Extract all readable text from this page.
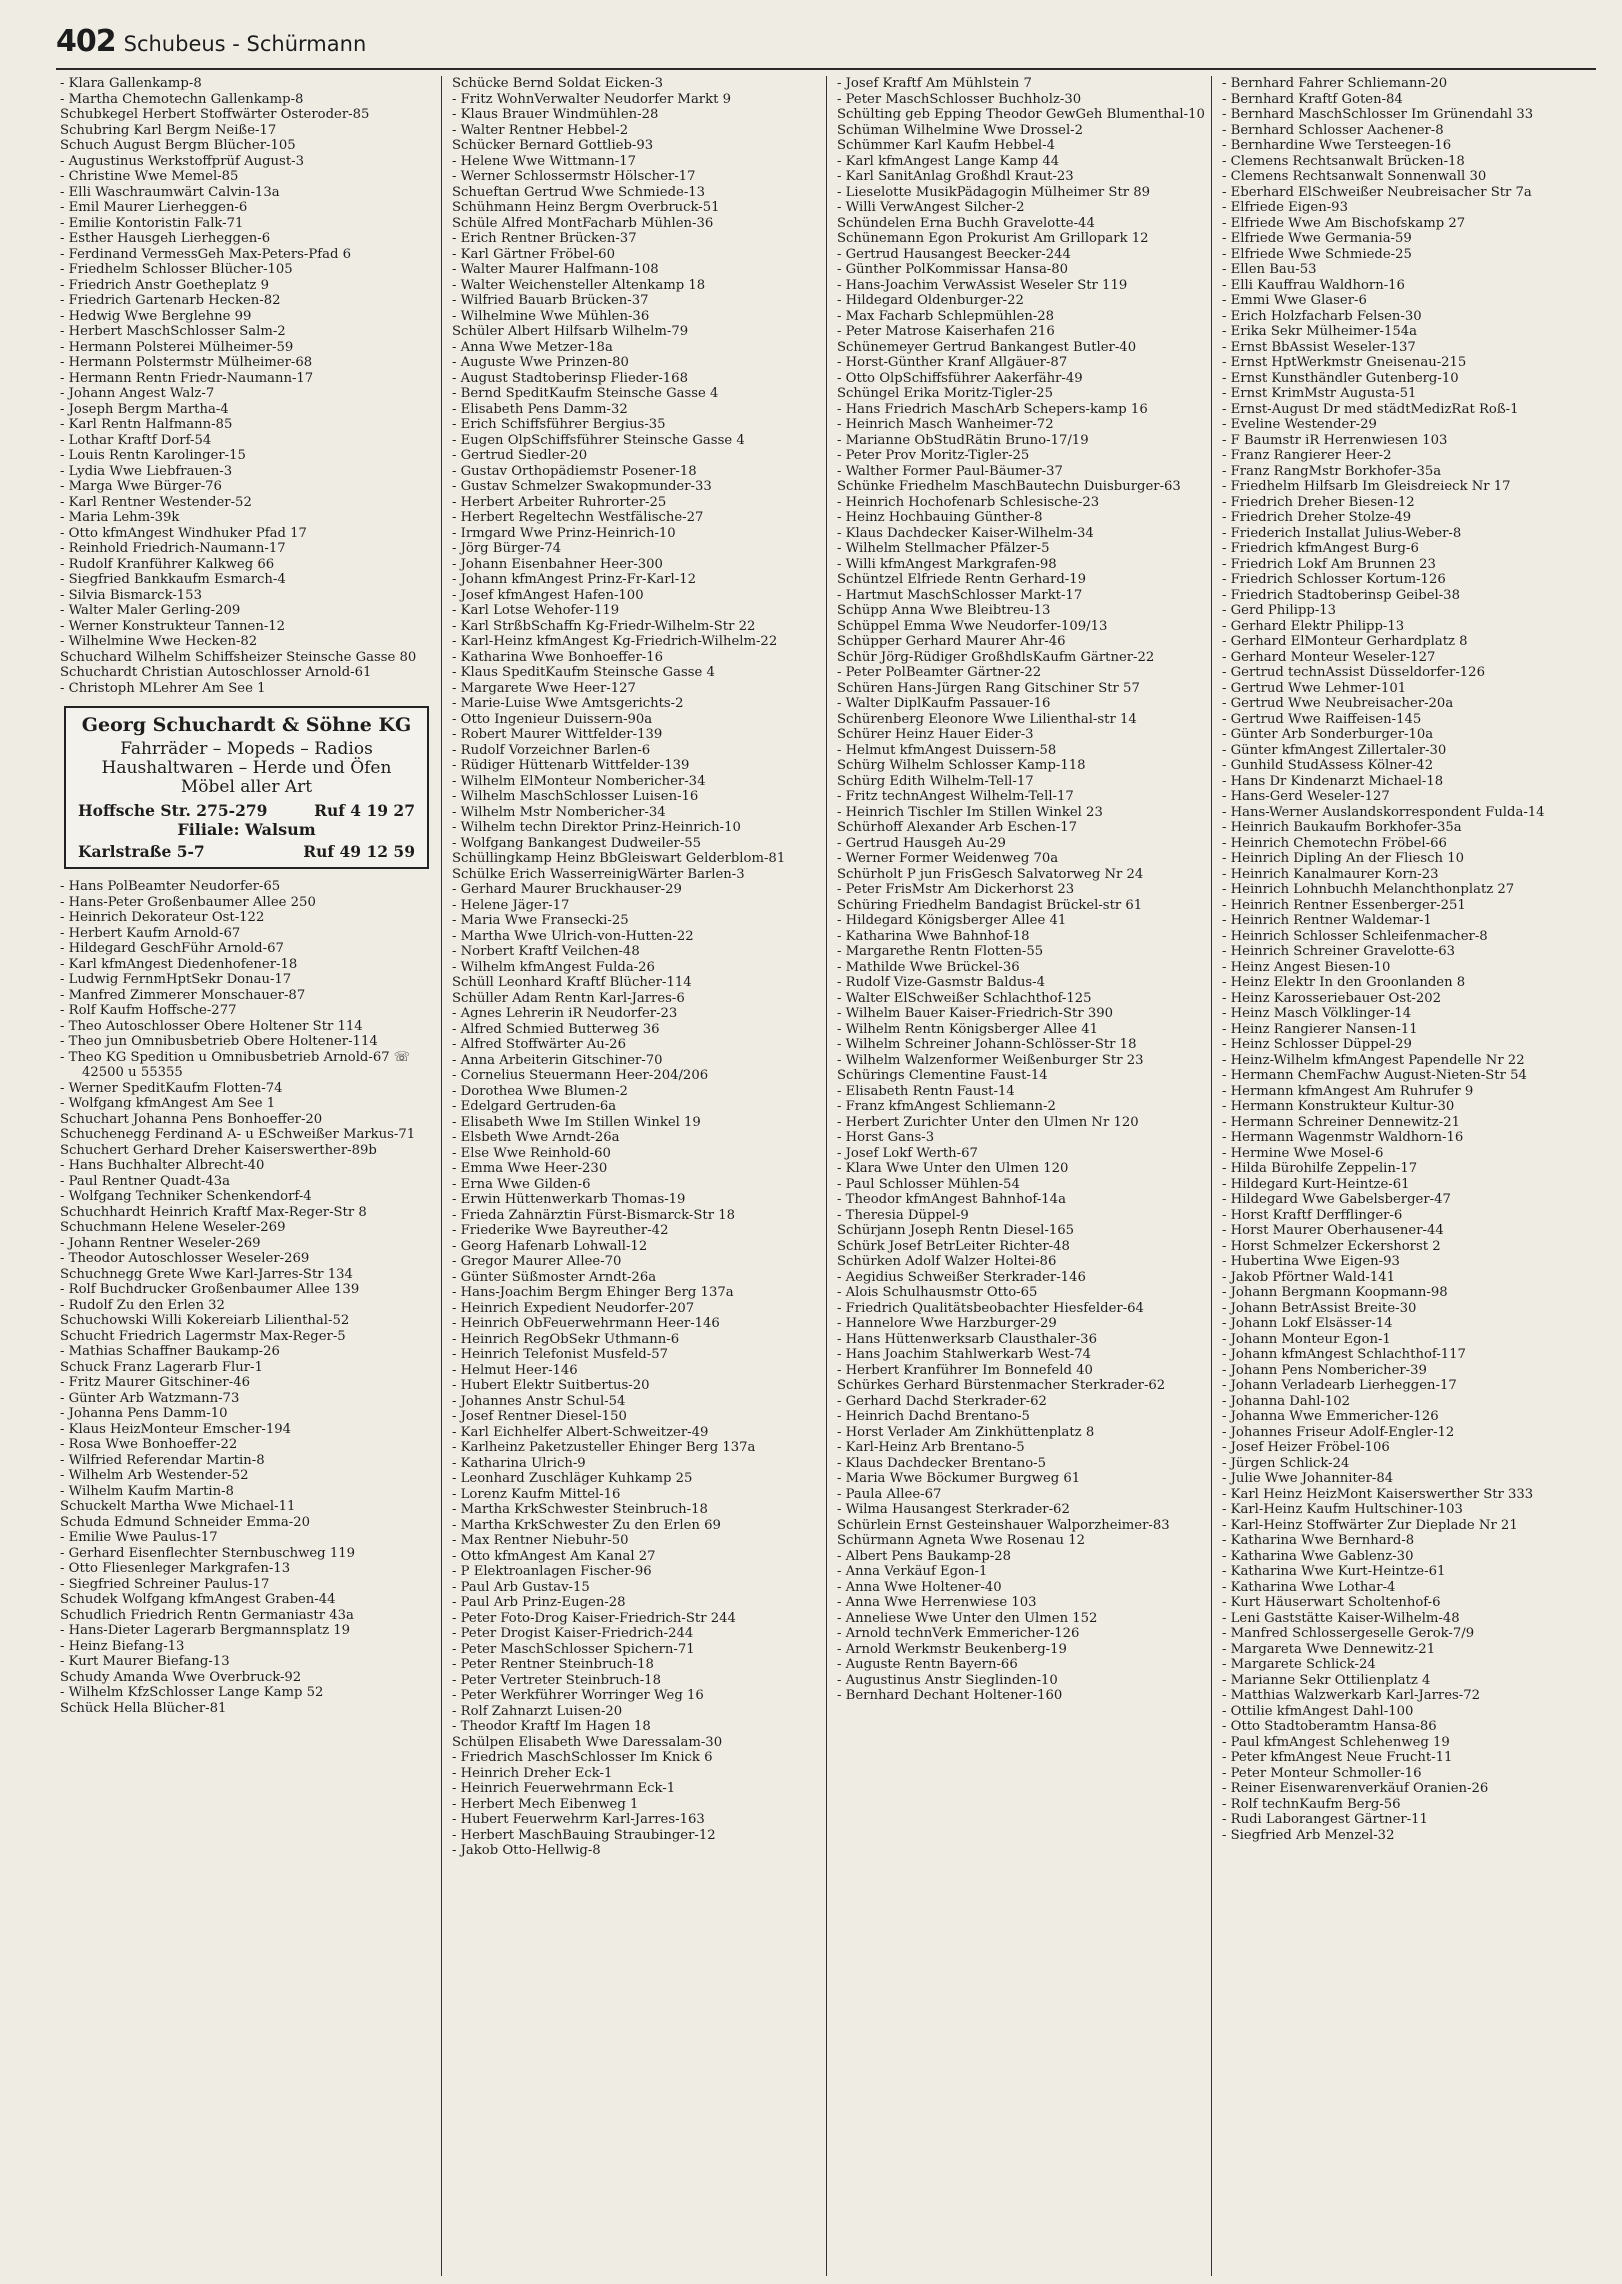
402 Schubeus - Schürmann
- Klara Gallenkamp-8
- Martha Chemotechn Gallenkamp-8
Schubkegel Herbert Stoffwärter Osteroder-85
Schubring Karl Bergm Neiße-17
Schuch August Bergm Blücher-105
- Augustinus Werkstoffprüf August-3
- Christine Wwe Memel-85
- Elli Waschraumwärt Calvin-13a
- Emil Maurer Lierheggen-6
- Emilie Kontoristin Falk-71
- Esther Hausgeh Lierheggen-6
- Ferdinand VermessGeh Max-Peters-Pfad 6
- Friedhelm Schlosser Blücher-105
- Friedrich Anstr Goetheplatz 9
- Friedrich Gartenarb Hecken-82
- Hedwig Wwe Berglehne 99
- Herbert MaschSchlosser Salm-2
- Hermann Polsterei Mülheimer-59
- Hermann Polstermstr Mülheimer-68
- Hermann Rentn Friedr-Naumann-17
- Johann Angest Walz-7
- Joseph Bergm Martha-4
- Karl Rentn Halfmann-85
- Lothar Kraftf Dorf-54
- Louis Rentn Karolinger-15
- Lydia Wwe Liebfrauen-3
- Marga Wwe Bürger-76
- Karl Rentner Westender-52
- Maria Lehm-39k
- Otto kfmAngest Windhuker Pfad 17
- Reinhold Friedrich-Naumann-17
- Rudolf Kranführer Kalkweg 66
- Siegfried Bankkaufm Esmarch-4
- Silvia Bismarck-153
- Walter Maler Gerling-209
- Werner Konstrukteur Tannen-12
- Wilhelmine Wwe Hecken-82
Schuchard Wilhelm Schiffsheizer Steinsche Gasse 80
Schuchardt Christian Autoschlosser Arnold-61
- Christoph MLehrer Am See 1
Georg Schuchardt & Söhne KG
Fahrräder – Mopeds – Radios
Haushaltwaren – Herde und Öfen
Möbel aller Art
Hoffsche Str. 275-279	Ruf 4 19 27
Filiale: Walsum
Karlstraße 5-7	Ruf 49 12 59
- Hans PolBeamter Neudorfer-65
- Hans-Peter Großenbaumer Allee 250
- Heinrich Dekorateur Ost-122
- Herbert Kaufm Arnold-67
- Hildegard GeschFühr Arnold-67
- Karl kfmAngest Diedenhofener-18
- Ludwig FernmHptSekr Donau-17
- Manfred Zimmerer Monschauer-87
- Rolf Kaufm Hoffsche-277
- Theo Autoschlosser Obere Holtener Str 114
- Theo jun Omnibusbetrieb Obere Holtener-114
- Theo KG Spedition u Omnibusbetrieb Arnold-67 ☏ 42500 u 55355
- Werner SpeditKaufm Flotten-74
- Wolfgang kfmAngest Am See 1
Schuchart Johanna Pens Bonhoeffer-20
Schuchenegg Ferdinand A- u ESchweißer Markus-71
Schuchert Gerhard Dreher Kaiserswerther-89b
- Hans Buchhalter Albrecht-40
- Paul Rentner Quadt-43a
- Wolfgang Techniker Schenkendorf-4
Schuchhardt Heinrich Kraftf Max-Reger-Str 8
Schuchmann Helene Weseler-269
- Johann Rentner Weseler-269
- Theodor Autoschlosser Weseler-269
Schuchnegg Grete Wwe Karl-Jarres-Str 134
- Rolf Buchdrucker Großenbaumer Allee 139
- Rudolf Zu den Erlen 32
Schuchowski Willi Kokereiarb Lilienthal-52
Schucht Friedrich Lagermstr Max-Reger-5
- Mathias Schaffner Baukamp-26
Schuck Franz Lagerarb Flur-1
- Fritz Maurer Gitschiner-46
- Günter Arb Watzmann-73
- Johanna Pens Damm-10
- Klaus HeizMonteur Emscher-194
- Rosa Wwe Bonhoeffer-22
- Wilfried Referendar Martin-8
- Wilhelm Arb Westender-52
- Wilhelm Kaufm Martin-8
Schuckelt Martha Wwe Michael-11
Schuda Edmund Schneider Emma-20
- Emilie Wwe Paulus-17
- Gerhard Eisenflechter Sternbuschweg 119
- Otto Fliesenleger Markgrafen-13
- Siegfried Schreiner Paulus-17
Schudek Wolfgang kfmAngest Graben-44
Schudlich Friedrich Rentn Germaniastr 43a
- Hans-Dieter Lagerarb Bergmannsplatz 19
- Heinz Biefang-13
- Kurt Maurer Biefang-13
Schudy Amanda Wwe Overbruck-92
- Wilhelm KfzSchlosser Lange Kamp 52
Schück Hella Blücher-81
Schücke Bernd Soldat Eicken-3
- Fritz WohnVerwalter Neudorfer Markt 9
- Klaus Brauer Windmühlen-28
- Walter Rentner Hebbel-2
Schücker Bernard Gottlieb-93
- Helene Wwe Wittmann-17
- Werner Schlossermstr Hölscher-17
Schueftan Gertrud Wwe Schmiede-13
Schühmann Heinz Bergm Overbruck-51
Schüle Alfred MontFacharb Mühlen-36
- Erich Rentner Brücken-37
- Karl Gärtner Fröbel-60
- Walter Maurer Halfmann-108
- Walter Weichensteller Altenkamp 18
- Wilfried Bauarb Brücken-37
- Wilhelmine Wwe Mühlen-36
Schüler Albert Hilfsarb Wilhelm-79
- Anna Wwe Metzer-18a
- Auguste Wwe Prinzen-80
- August Stadtoberinsp Flieder-168
- Bernd SpeditKaufm Steinsche Gasse 4
- Elisabeth Pens Damm-32
- Erich Schiffsführer Bergius-35
- Eugen OlpSchiffsführer Steinsche Gasse 4
- Gertrud Siedler-20
- Gustav Orthopädiemstr Posener-18
- Gustav Schmelzer Swakopmunder-33
- Herbert Arbeiter Ruhrorter-25
- Herbert Regeltechn Westfälische-27
- Irmgard Wwe Prinz-Heinrich-10
- Jörg Bürger-74
- Johann Eisenbahner Heer-300
- Johann kfmAngest Prinz-Fr-Karl-12
- Josef kfmAngest Hafen-100
- Karl Lotse Wehofer-119
- Karl StrßbSchaffn Kg-Friedr-Wilhelm-Str 22
- Karl-Heinz kfmAngest Kg-Friedrich-Wilhelm-22
- Katharina Wwe Bonhoeffer-16
- Klaus SpeditKaufm Steinsche Gasse 4
- Margarete Wwe Heer-127
- Marie-Luise Wwe Amtsgerichts-2
- Otto Ingenieur Duissern-90a
- Robert Maurer Wittfelder-139
- Rudolf Vorzeichner Barlen-6
- Rüdiger Hüttenarb Wittfelder-139
- Wilhelm ElMonteur Nombericher-34
- Wilhelm MaschSchlosser Luisen-16
- Wilhelm Mstr Nombericher-34
- Wilhelm techn Direktor Prinz-Heinrich-10
- Wolfgang Bankangest Dudweiler-55
Schüllingkamp Heinz BbGleiswart Gelderblom-81
Schülke Erich WasserreinigWärter Barlen-3
- Gerhard Maurer Bruckhauser-29
- Helene Jäger-17
- Maria Wwe Fransecki-25
- Martha Wwe Ulrich-von-Hutten-22
- Norbert Kraftf Veilchen-48
- Wilhelm kfmAngest Fulda-26
Schüll Leonhard Kraftf Blücher-114
Schüller Adam Rentn Karl-Jarres-6
- Agnes Lehrerin iR Neudorfer-23
- Alfred Schmied Butterweg 36
- Alfred Stoffwärter Au-26
- Anna Arbeiterin Gitschiner-70
- Cornelius Steuermann Heer-204/206
- Dorothea Wwe Blumen-2
- Edelgard Gertruden-6a
- Elisabeth Wwe Im Stillen Winkel 19
- Elsbeth Wwe Arndt-26a
- Else Wwe Reinhold-60
- Emma Wwe Heer-230
- Erna Wwe Gilden-6
- Erwin Hüttenwerkarb Thomas-19
- Frieda Zahnärztin Fürst-Bismarck-Str 18
- Friederike Wwe Bayreuther-42
- Georg Hafenarb Lohwall-12
- Gregor Maurer Allee-70
- Günter Süßmoster Arndt-26a
- Hans-Joachim Bergm Ehinger Berg 137a
- Heinrich Expedient Neudorfer-207
- Heinrich ObFeuerwehrmann Heer-146
- Heinrich RegObSekr Uthmann-6
- Heinrich Telefonist Musfeld-57
- Helmut Heer-146
- Hubert Elektr Suitbertus-20
- Johannes Anstr Schul-54
- Josef Rentner Diesel-150
- Karl Eichhelfer Albert-Schweitzer-49
- Karlheinz Paketzusteller Ehinger Berg 137a
- Katharina Ulrich-9
- Leonhard Zuschläger Kuhkamp 25
- Lorenz Kaufm Mittel-16
- Martha KrkSchwester Steinbruch-18
- Martha KrkSchwester Zu den Erlen 69
- Max Rentner Niebuhr-50
- Otto kfmAngest Am Kanal 27
- P Elektroanlagen Fischer-96
- Paul Arb Gustav-15
- Paul Arb Prinz-Eugen-28
- Peter Foto-Drog Kaiser-Friedrich-Str 244
- Peter Drogist Kaiser-Friedrich-244
- Peter MaschSchlosser Spichern-71
- Peter Rentner Steinbruch-18
- Peter Vertreter Steinbruch-18
- Peter Werkführer Worringer Weg 16
- Rolf Zahnarzt Luisen-20
- Theodor Kraftf Im Hagen 18
Schülpen Elisabeth Wwe Daressalam-30
- Friedrich MaschSchlosser Im Knick 6
- Heinrich Dreher Eck-1
- Heinrich Feuerwehrmann Eck-1
- Herbert Mech Eibenweg 1
- Hubert Feuerwehrm Karl-Jarres-163
- Herbert MaschBauing Straubinger-12
- Jakob Otto-Hellwig-8
- Josef Kraftf Am Mühlstein 7
- Peter MaschSchlosser Buchholz-30
Schülting geb Epping Theodor GewGeh Blumenthal-10
Schüman Wilhelmine Wwe Drossel-2
Schümmer Karl Kaufm Hebbel-4
- Karl kfmAngest Lange Kamp 44
- Karl SanitAnlag Großhdl Kraut-23
- Lieselotte MusikPädagogin Mülheimer Str 89
- Willi VerwAngest Silcher-2
Schündelen Erna Buchh Gravelotte-44
Schünemann Egon Prokurist Am Grillopark 12
- Gertrud Hausangest Beecker-244
- Günther PolKommissar Hansa-80
- Hans-Joachim VerwAssist Weseler Str 119
- Hildegard Oldenburger-22
- Max Facharb Schlepmühlen-28
- Peter Matrose Kaiserhafen 216
Schünemeyer Gertrud Bankangest Butler-40
- Horst-Günther Kranf Allgäuer-87
- Otto OlpSchiffsführer Aakerfähr-49
Schüngel Erika Moritz-Tigler-25
- Hans Friedrich MaschArb Schepers-kamp 16
- Heinrich Masch Wanheimer-72
- Marianne ObStudRätin Bruno-17/19
- Peter Prov Moritz-Tigler-25
- Walther Former Paul-Bäumer-37
Schünke Friedhelm MaschBautechn Duisburger-63
- Heinrich Hochofenarb Schlesische-23
- Heinz Hochbauing Günther-8
- Klaus Dachdecker Kaiser-Wilhelm-34
- Wilhelm Stellmacher Pfälzer-5
- Willi kfmAngest Markgrafen-98
Schüntzel Elfriede Rentn Gerhard-19
- Hartmut MaschSchlosser Markt-17
Schüpp Anna Wwe Bleibtreu-13
Schüppel Emma Wwe Neudorfer-109/13
Schüpper Gerhard Maurer Ahr-46
Schür Jörg-Rüdiger GroßhdlsKaufm Gärtner-22
- Peter PolBeamter Gärtner-22
Schüren Hans-Jürgen Rang Gitschiner Str 57
- Walter DiplKaufm Passauer-16
Schürenberg Eleonore Wwe Lilienthal-str 14
Schürer Heinz Hauer Eider-3
- Helmut kfmAngest Duissern-58
Schürg Wilhelm Schlosser Kamp-118
Schürg Edith Wilhelm-Tell-17
- Fritz technAngest Wilhelm-Tell-17
- Heinrich Tischler Im Stillen Winkel 23
Schürhoff Alexander Arb Eschen-17
- Gertrud Hausgeh Au-29
- Werner Former Weidenweg 70a
Schürholt P jun FrisGesch Salvatorweg Nr 24
- Peter FrisMstr Am Dickerhorst 23
Schüring Friedhelm Bandagist Brückel-str 61
- Hildegard Königsberger Allee 41
- Katharina Wwe Bahnhof-18
- Margarethe Rentn Flotten-55
- Mathilde Wwe Brückel-36
- Rudolf Vize-Gasmstr Baldus-4
- Walter ElSchweißer Schlachthof-125
- Wilhelm Bauer Kaiser-Friedrich-Str 390
- Wilhelm Rentn Königsberger Allee 41
- Wilhelm Schreiner Johann-Schlösser-Str 18
- Wilhelm Walzenformer Weißenburger Str 23
Schürings Clementine Faust-14
- Elisabeth Rentn Faust-14
- Franz kfmAngest Schliemann-2
- Herbert Zurichter Unter den Ulmen Nr 120
- Horst Gans-3
- Josef Lokf Werth-67
- Klara Wwe Unter den Ulmen 120
- Paul Schlosser Mühlen-54
- Theodor kfmAngest Bahnhof-14a
- Theresia Düppel-9
Schürjann Joseph Rentn Diesel-165
Schürk Josef BetrLeiter Richter-48
Schürken Adolf Walzer Holtei-86
- Aegidius Schweißer Sterkrader-146
- Alois Schulhausmstr Otto-65
- Friedrich Qualitätsbeobachter Hiesfelder-64
- Hannelore Wwe Harzburger-29
- Hans Hüttenwerksarb Clausthaler-36
- Hans Joachim Stahlwerkarb West-74
- Herbert Kranführer Im Bonnefeld 40
Schürkes Gerhard Bürstenmacher Sterkrader-62
- Gerhard Dachd Sterkrader-62
- Heinrich Dachd Brentano-5
- Horst Verlader Am Zinkhüttenplatz 8
- Karl-Heinz Arb Brentano-5
- Klaus Dachdecker Brentano-5
- Maria Wwe Böckumer Burgweg 61
- Paula Allee-67
- Wilma Hausangest Sterkrader-62
Schürlein Ernst Gesteinshauer Walporzheimer-83
Schürmann Agneta Wwe Rosenau 12
- Albert Pens Baukamp-28
- Anna Verkäuf Egon-1
- Anna Wwe Holtener-40
- Anna Wwe Herrenwiese 103
- Anneliese Wwe Unter den Ulmen 152
- Arnold technVerk Emmericher-126
- Arnold Werkmstr Beukenberg-19
- Auguste Rentn Bayern-66
- Augustinus Anstr Sieglinden-10
- Bernhard Dechant Holtener-160
- Bernhard Fahrer Schliemann-20
- Bernhard Kraftf Goten-84
- Bernhard MaschSchlosser Im Grünendahl 33
- Bernhard Schlosser Aachener-8
- Bernhardine Wwe Tersteegen-16
- Clemens Rechtsanwalt Brücken-18
- Clemens Rechtsanwalt Sonnenwall 30
- Eberhard ElSchweißer Neubreisacher Str 7a
- Elfriede Eigen-93
- Elfriede Wwe Am Bischofskamp 27
- Elfriede Wwe Germania-59
- Elfriede Wwe Schmiede-25
- Ellen Bau-53
- Elli Kauffrau Waldhorn-16
- Emmi Wwe Glaser-6
- Erich Holzfacharb Felsen-30
- Erika Sekr Mülheimer-154a
- Ernst BbAssist Weseler-137
- Ernst HptWerkmstr Gneisenau-215
- Ernst Kunsthändler Gutenberg-10
- Ernst KrimMstr Augusta-51
- Ernst-August Dr med städtMedizRat Roß-1
- Eveline Westender-29
- F Baumstr iR Herrenwiesen 103
- Franz Rangierer Heer-2
- Franz RangMstr Borkhofer-35a
- Friedhelm Hilfsarb Im Gleisdreieck Nr 17
- Friedrich Dreher Biesen-12
- Friedrich Dreher Stolze-49
- Friederich Installat Julius-Weber-8
- Friedrich kfmAngest Burg-6
- Friedrich Lokf Am Brunnen 23
- Friedrich Schlosser Kortum-126
- Friedrich Stadtoberinsp Geibel-38
- Gerd Philipp-13
- Gerhard Elektr Philipp-13
- Gerhard ElMonteur Gerhardplatz 8
- Gerhard Monteur Weseler-127
- Gertrud technAssist Düsseldorfer-126
- Gertrud Wwe Lehmer-101
- Gertrud Wwe Neubreisacher-20a
- Gertrud Wwe Raiffeisen-145
- Günter Arb Sonderburger-10a
- Günter kfmAngest Zillertaler-30
- Gunhild StudAssess Kölner-42
- Hans Dr Kindenarzt Michael-18
- Hans-Gerd Weseler-127
- Hans-Werner Auslandskorrespondent Fulda-14
- Heinrich Baukaufm Borkhofer-35a
- Heinrich Chemotechn Fröbel-66
- Heinrich Dipling An der Fliesch 10
- Heinrich Kanalmaurer Korn-23
- Heinrich Lohnbuchh Melanchthonplatz 27
- Heinrich Rentner Essenberger-251
- Heinrich Rentner Waldemar-1
- Heinrich Schlosser Schleifenmacher-8
- Heinrich Schreiner Gravelotte-63
- Heinz Angest Biesen-10
- Heinz Elektr In den Groonlanden 8
- Heinz Karosseriebauer Ost-202
- Heinz Masch Völklinger-14
- Heinz Rangierer Nansen-11
- Heinz Schlosser Düppel-29
- Heinz-Wilhelm kfmAngest Papendelle Nr 22
- Hermann ChemFachw August-Nieten-Str 54
- Hermann kfmAngest Am Ruhrufer 9
- Hermann Konstrukteur Kultur-30
- Hermann Schreiner Dennewitz-21
- Hermann Wagenmstr Waldhorn-16
- Hermine Wwe Mosel-6
- Hilda Bürohilfe Zeppelin-17
- Hildegard Kurt-Heintze-61
- Hildegard Wwe Gabelsberger-47
- Horst Kraftf Derfflinger-6
- Horst Maurer Oberhausener-44
- Horst Schmelzer Eckershorst 2
- Hubertina Wwe Eigen-93
- Jakob Pförtner Wald-141
- Johann Bergmann Koopmann-98
- Johann BetrAssist Breite-30
- Johann Lokf Elsässer-14
- Johann Monteur Egon-1
- Johann kfmAngest Schlachthof-117
- Johann Pens Nombericher-39
- Johann Verladearb Lierheggen-17
- Johanna Dahl-102
- Johanna Wwe Emmericher-126
- Johannes Friseur Adolf-Engler-12
- Josef Heizer Fröbel-106
- Jürgen Schlick-24
- Julie Wwe Johanniter-84
- Karl Heinz HeizMont Kaiserswerther Str 333
- Karl-Heinz Kaufm Hultschiner-103
- Karl-Heinz Stoffwärter Zur Dieplade Nr 21
- Katharina Wwe Bernhard-8
- Katharina Wwe Gablenz-30
- Katharina Wwe Kurt-Heintze-61
- Katharina Wwe Lothar-4
- Kurt Häuserwart Scholtenhof-6
- Leni Gaststätte Kaiser-Wilhelm-48
- Manfred Schlossergeselle Gerok-7/9
- Margareta Wwe Dennewitz-21
- Margarete Schlick-24
- Marianne Sekr Ottilienplatz 4
- Matthias Walzwerkarb Karl-Jarres-72
- Ottilie kfmAngest Dahl-100
- Otto Stadtoberamtm Hansa-86
- Paul kfmAngest Schlehenweg 19
- Peter kfmAngest Neue Frucht-11
- Peter Monteur Schmoller-16
- Reiner Eisenwarenverkäuf Oranien-26
- Rolf technKaufm Berg-56
- Rudi Laborangest Gärtner-11
- Siegfried Arb Menzel-32
